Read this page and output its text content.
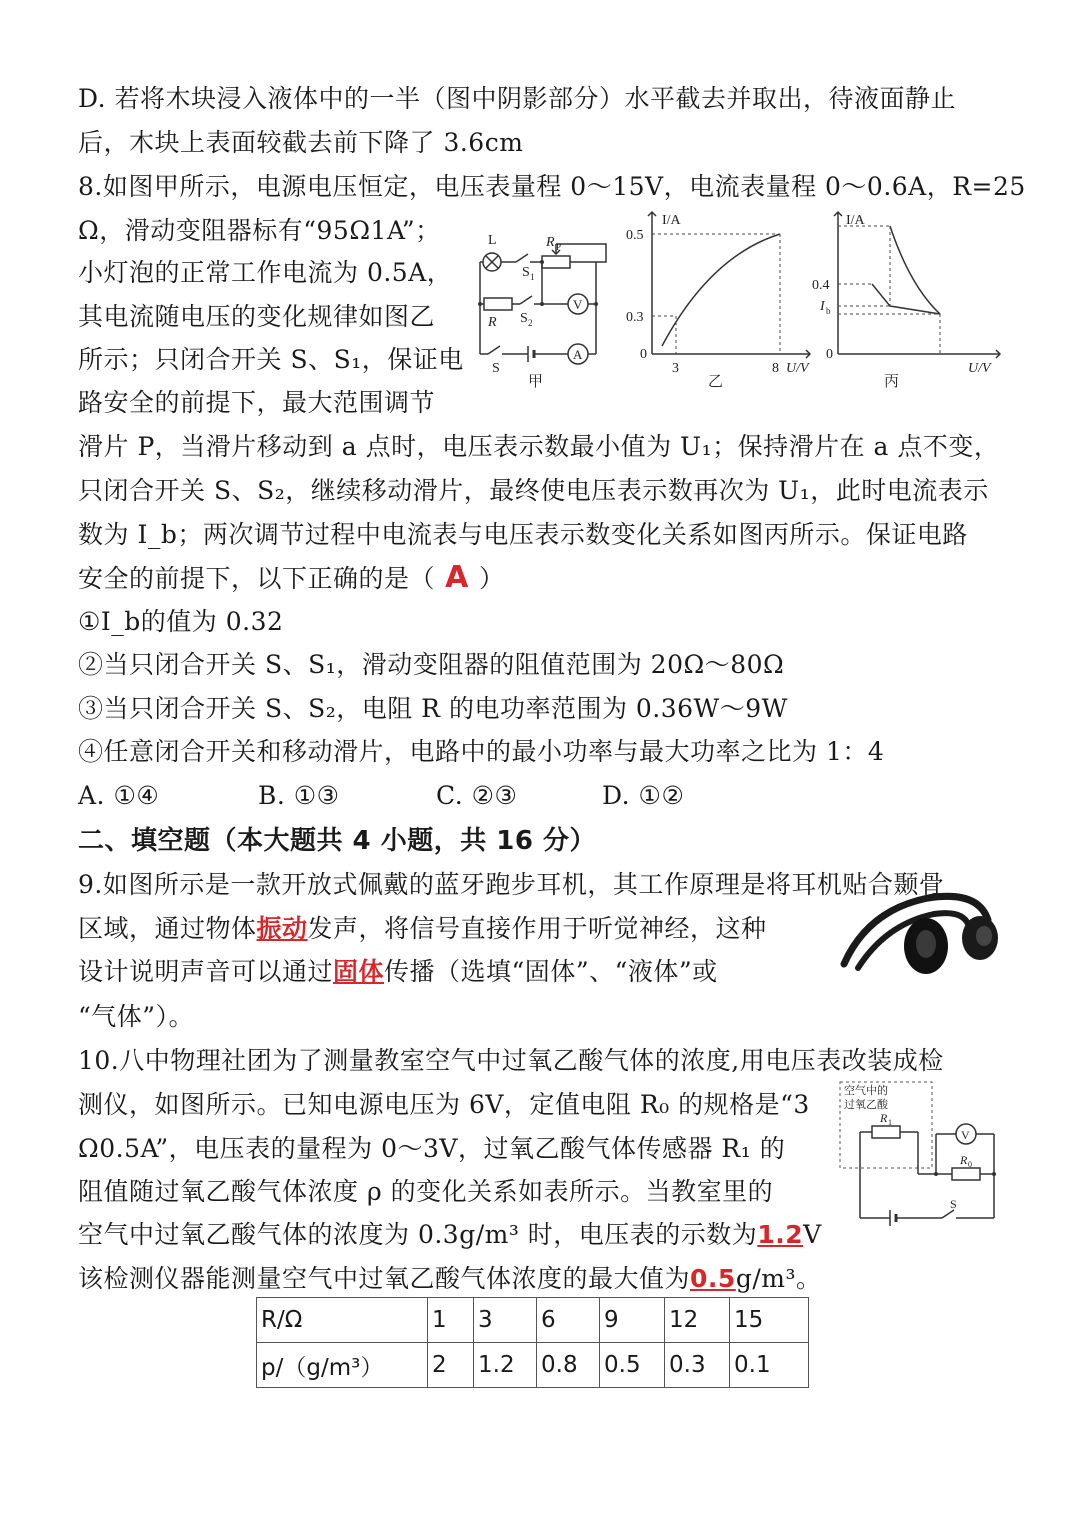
D. 若将木块浸入液体中的一半（图中阴影部分）水平截去并取出，待液面静止
后，木块上表面较截去前下降了 3.6cm
8.如图甲所示，电源电压恒定，电压表量程 0～15V，电流表量程 0～0.6A，R=25
Ω，滑动变阻器标有“95Ω1A”；
小灯泡的正常工作电流为 0.5A，
其电流随电压的变化规律如图乙
所示；只闭合开关 S、S₁，保证电
路安全的前提下，最大范围调节
滑片 P，当滑片移动到 a 点时，电压表示数最小值为 U₁；保持滑片在 a 点不变，
只闭合开关 S、S₂，继续移动滑片，最终使电压表示数再次为 U₁，此时电流表示
数为 I_b；两次调节过程中电流表与电压表示数变化关系如图丙所示。保证电路
安全的前提下，以下正确的是（ A ）
①I_b的值为 0.32
②当只闭合开关 S、S₁，滑动变阻器的阻值范围为 20Ω～80Ω
③当只闭合开关 S、S₂，电阻 R 的电功率范围为 0.36W～9W
④任意闭合开关和移动滑片，电路中的最小功率与最大功率之比为 1：4
A. ①④	B. ①③	C. ②③	D. ①②
L	R P
S 1
R S 2
S
V
A
甲
I/A
0.5
0.3
0
3	8 U/V
乙
I/A
0.4
I b
0
U/V
丙
二、填空题（本大题共 4 小题，共 16 分）
9.如图所示是一款开放式佩戴的蓝牙跑步耳机，其工作原理是将耳机贴合颞骨
区域，通过物体振动发声，将信号直接作用于听觉神经，这种
设计说明声音可以通过固体传播（选填“固体”、“液体”或
“气体”）。
10.八中物理社团为了测量教室空气中过氧乙酸气体的浓度,用电压表改装成检
测仪，如图所示。已知电源电压为 6V，定值电阻 R₀ 的规格是“3
Ω0.5A”，电压表的量程为 0～3V，过氧乙酸气体传感器 R₁ 的
阻值随过氧乙酸气体浓度 ρ 的变化关系如表所示。当教室里的
空气中过氧乙酸气体的浓度为 0.3g/m³ 时，电压表的示数为1.2V
该检测仪器能测量空气中过氧乙酸气体浓度的最大值为0.5g/m³。
空气中的
过氧乙酸
R 1
R 0
V
S
R/Ω	1	3	6	9	12	15
p/（g/m³）	2	1.2	0.8	0.5	0.3	0.1
